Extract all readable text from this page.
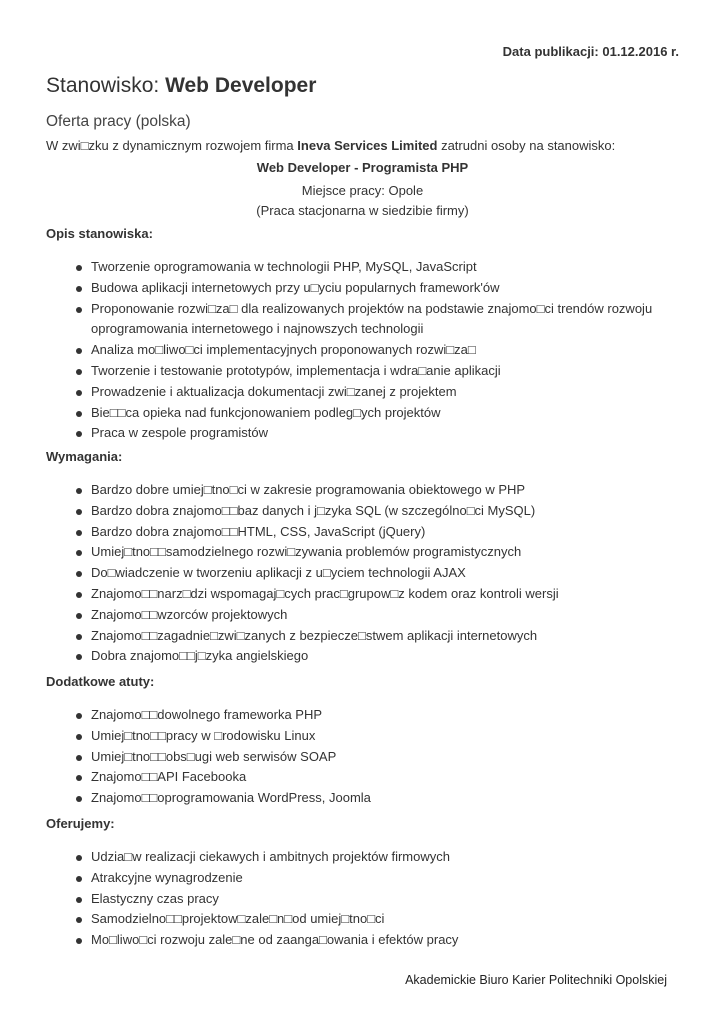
Data publikacji: 01.12.2016 r.
Stanowisko: Web Developer
Oferta pracy (polska)

W zwi□zku z dynamicznym rozwojem firma Ineva Services Limited zatrudni osoby na stanowisko:

Web Developer - Programista PHP
Miejsce pracy: Opole
(Praca stacjonarna w siedzibie firmy)
Opis stanowiska:
Tworzenie oprogramowania w technologii PHP, MySQL, JavaScript
Budowa aplikacji internetowych przy u□yciu popularnych framework'ów
Proponowanie rozwi□za□ dla realizowanych projektów na podstawie znajomo□ci trendów rozwoju oprogramowania internetowego i najnowszych technologii
Analiza mo□liwo□ci implementacyjnych proponowanych rozwi□za□
Tworzenie i testowanie prototypów, implementacja i wdra□anie aplikacji
Prowadzenie i aktualizacja dokumentacji zwi□zanej z projektem
Bie□□ca opieka nad funkcjonowaniem podleg□ych projektów
Praca w zespole programistów
Wymagania:
Bardzo dobre umiej□tno□ci w zakresie programowania obiektowego w PHP
Bardzo dobra znajomo□□baz danych i j□zyka SQL (w szczególno□ci MySQL)
Bardzo dobra znajomo□□HTML, CSS, JavaScript (jQuery)
Umiej□tno□□samodzielnego rozwi□zywania problemów programistycznych
Do□wiadczenie w tworzeniu aplikacji z u□yciem technologii AJAX
Znajomo□□narz□dzi wspomagaj□cych prac□grupow□z kodem oraz kontroli wersji
Znajomo□□wzorców projektowych
Znajomo□□zagadnie□zwi□zanych z bezpiecze□stwem aplikacji internetowych
Dobra znajomo□□j□zyka angielskiego
Dodatkowe atuty:
Znajomo□□dowolnego frameworka PHP
Umiej□tno□□pracy w □rodowisku Linux
Umiej□tno□□obs□ugi web serwisów SOAP
Znajomo□□API Facebooka
Znajomo□□oprogramowania WordPress, Joomla
Oferujemy:
Udzia□w realizacji ciekawych i ambitnych projektów firmowych
Atrakcyjne wynagrodzenie
Elastyczny czas pracy
Samodzielno□□projektow□zale□n□od umiej□tno□ci
Mo□liwo□ci rozwoju zale□ne od zaanga□owania i efektów pracy
Akademickie Biuro Karier Politechniki Opolskiej
